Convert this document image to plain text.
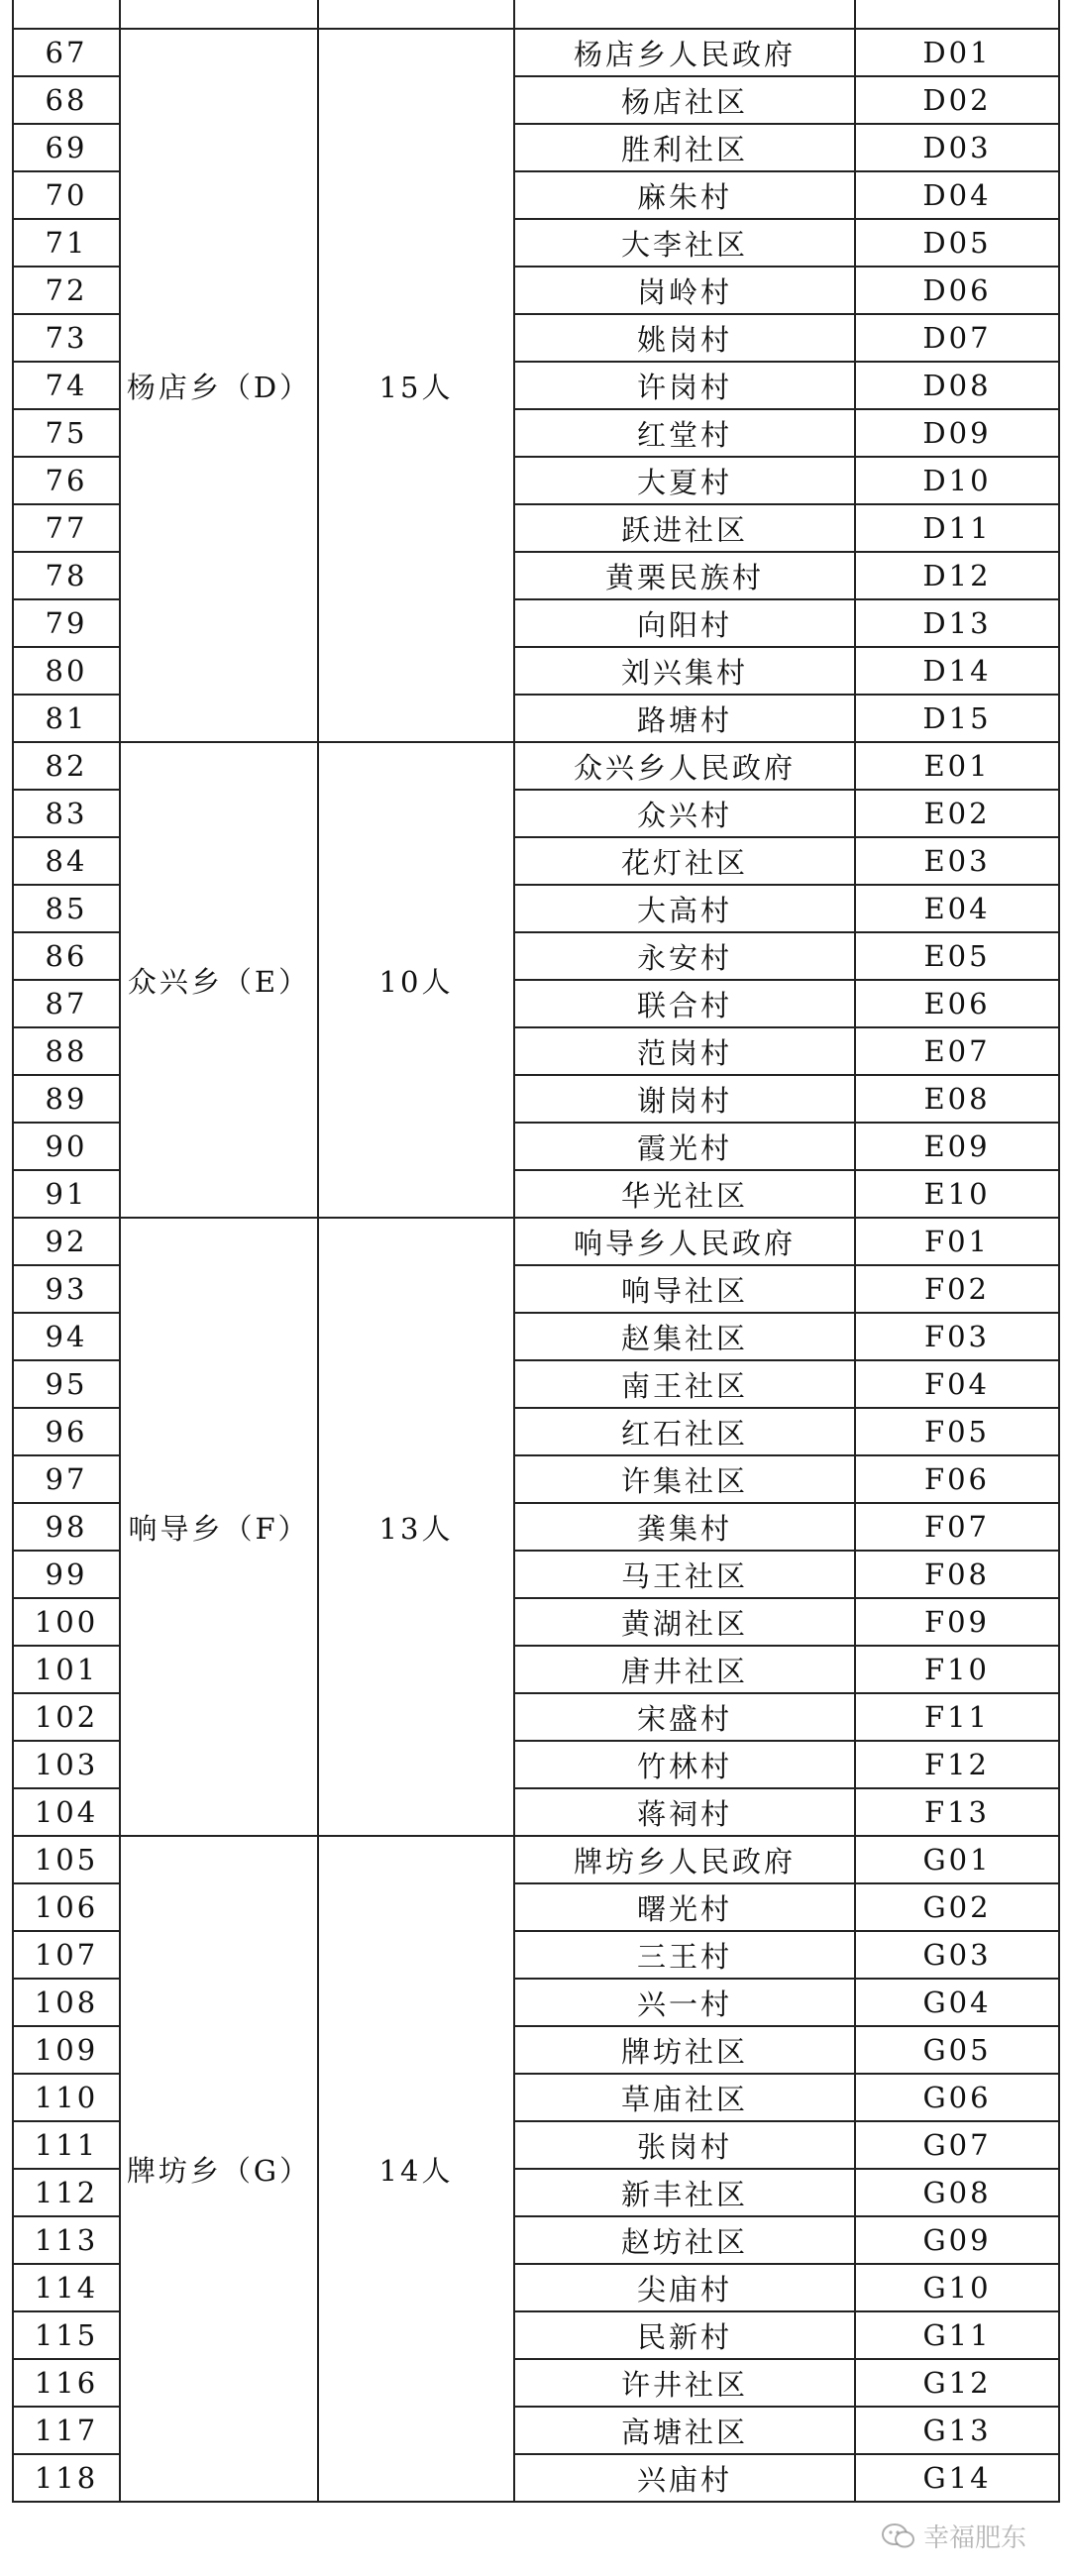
67	杨店乡（D）	15人	杨店乡人民政府	D01
68			杨店社区	D02
69			胜利社区	D03
70			麻朱村	D04
71			大李社区	D05
72			岗岭村	D06
73			姚岗村	D07
74			许岗村	D08
75			红堂村	D09
76			大夏村	D10
77			跃进社区	D11
78			黄栗民族村	D12
79			向阳村	D13
80			刘兴集村	D14
81			路塘村	D15
82	众兴乡（E）	10人	众兴乡人民政府	E01
83			众兴村	E02
84			花灯社区	E03
85			大高村	E04
86			永安村	E05
87			联合村	E06
88			范岗村	E07
89			谢岗村	E08
90			霞光村	E09
91			华光社区	E10
92	响导乡（F）	13人	响导乡人民政府	F01
93			响导社区	F02
94			赵集社区	F03
95			南王社区	F04
96			红石社区	F05
97			许集社区	F06
98			龚集村	F07
99			马王社区	F08
100			黄湖社区	F09
101			唐井社区	F10
102			宋盛村	F11
103			竹林村	F12
104			蒋祠村	F13
105	牌坊乡（G）	14人	牌坊乡人民政府	G01
106			曙光村	G02
107			三王村	G03
108			兴一村	G04
109			牌坊社区	G05
110			草庙社区	G06
111			张岗村	G07
112			新丰社区	G08
113			赵坊社区	G09
114			尖庙村	G10
115			民新村	G11
116			许井社区	G12
117			高塘社区	G13
118			兴庙村	G14
幸福肥东
